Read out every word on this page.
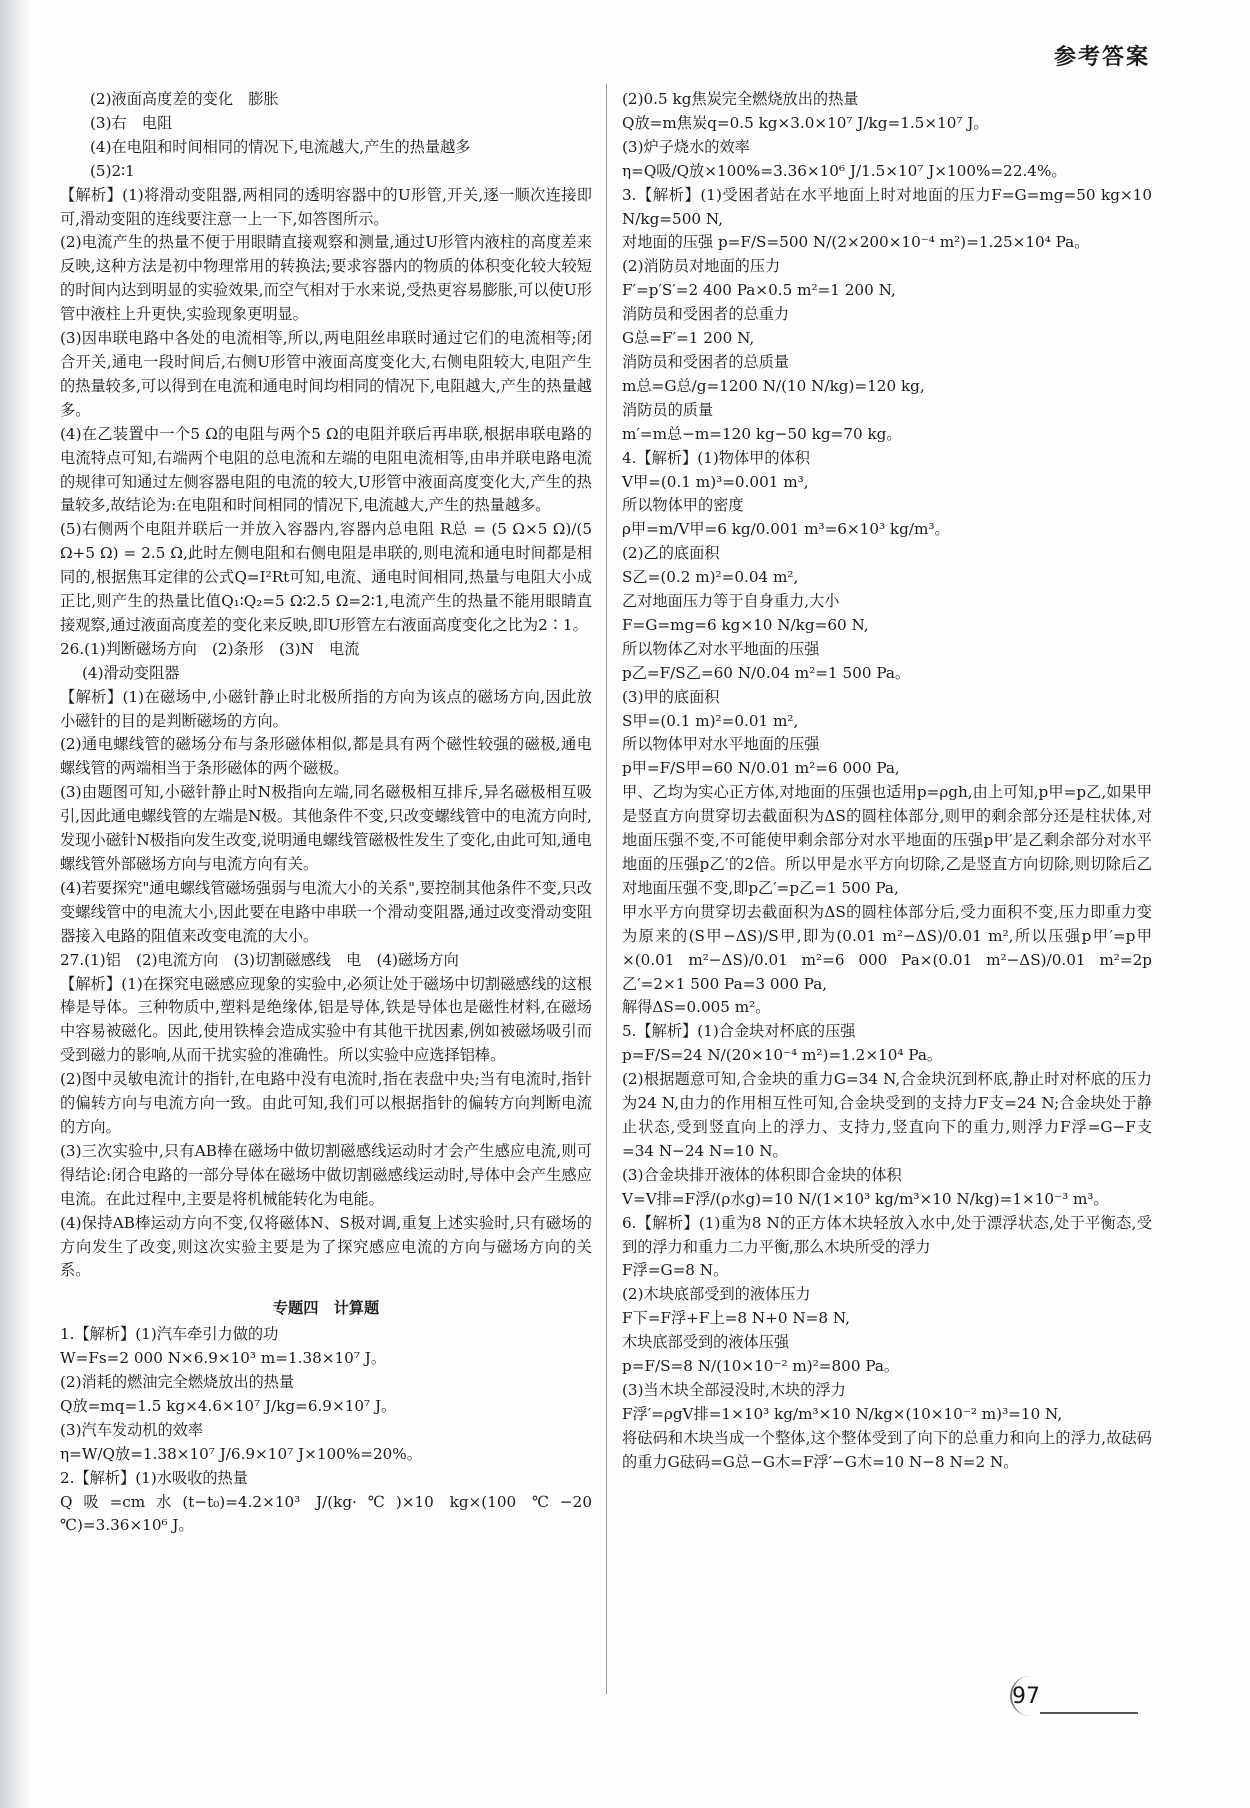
参考答案

(2)液面高度差的变化　膨胀

(3)右　电阻

(4)在电阻和时间相同的情况下,电流越大,产生的热量越多

(5)2∶1

【解析】(1)将滑动变阻器,两相同的透明容器中的U形管,开关,逐一顺次连接即可,滑动变阻的连线要注意一上一下,如答图所示。

(2)电流产生的热量不便于用眼睛直接观察和测量,通过U形管内液柱的高度差来反映,这种方法是初中物理常用的转换法;要求容器内的物质的体积变化较大较短的时间内达到明显的实验效果,而空气相对于水来说,受热更容易膨胀,可以使U形管中液柱上升更快,实验现象更明显。

(3)因串联电路中各处的电流相等,所以,两电阻丝串联时通过它们的电流相等;闭合开关,通电一段时间后,右侧U形管中液面高度变化大,右侧电阻较大,电阻产生的热量较多,可以得到在电流和通电时间均相同的情况下,电阻越大,产生的热量越多。

(4)在乙装置中一个5 Ω的电阻与两个5 Ω的电阻并联后再串联,根据串联电路的电流特点可知,右端两个电阻的总电流和左端的电阻电流相等,由串并联电路电流的规律可知通过左侧容器电阻的电流的较大,U形管中液面高度变化大,产生的热量较多,故结论为:在电阻和时间相同的情况下,电流越大,产生的热量越多。

(5)右侧两个电阻并联后一并放入容器内,容器内总电阻 R总 = (5 Ω×5 Ω)/(5 Ω+5 Ω) = 2.5 Ω,此时左侧电阻和右侧电阻是串联的,则电流和通电时间都是相同的,根据焦耳定律的公式Q=I²Rt可知,电流、通电时间相同,热量与电阻大小成正比,则产生的热量比值Q₁∶Q₂=5 Ω∶2.5 Ω=2∶1,电流产生的热量不能用眼睛直接观察,通过液面高度差的变化来反映,即U形管左右液面高度变化之比为2∶1。

26.(1)判断磁场方向　(2)条形　(3)N　电流

(4)滑动变阻器

【解析】(1)在磁场中,小磁针静止时北极所指的方向为该点的磁场方向,因此放小磁针的目的是判断磁场的方向。

(2)通电螺线管的磁场分布与条形磁体相似,都是具有两个磁性较强的磁极,通电螺线管的两端相当于条形磁体的两个磁极。

(3)由题图可知,小磁针静止时N极指向左端,同名磁极相互排斥,异名磁极相互吸引,因此通电螺线管的左端是N极。其他条件不变,只改变螺线管中的电流方向时,发现小磁针N极指向发生改变,说明通电螺线管磁极性发生了变化,由此可知,通电螺线管外部磁场方向与电流方向有关。

(4)若要探究"通电螺线管磁场强弱与电流大小的关系",要控制其他条件不变,只改变螺线管中的电流大小,因此要在电路中串联一个滑动变阻器,通过改变滑动变阻器接入电路的阻值来改变电流的大小。

27.(1)铝　(2)电流方向　(3)切割磁感线　电　(4)磁场方向

【解析】(1)在探究电磁感应现象的实验中,必须让处于磁场中切割磁感线的这根棒是导体。三种物质中,塑料是绝缘体,铝是导体,铁是导体也是磁性材料,在磁场中容易被磁化。因此,使用铁棒会造成实验中有其他干扰因素,例如被磁场吸引而受到磁力的影响,从而干扰实验的准确性。所以实验中应选择铝棒。

(2)图中灵敏电流计的指针,在电路中没有电流时,指在表盘中央;当有电流时,指针的偏转方向与电流方向一致。由此可知,我们可以根据指针的偏转方向判断电流的方向。

(3)三次实验中,只有AB棒在磁场中做切割磁感线运动时才会产生感应电流,则可得结论:闭合电路的一部分导体在磁场中做切割磁感线运动时,导体中会产生感应电流。在此过程中,主要是将机械能转化为电能。

(4)保持AB棒运动方向不变,仅将磁体N、S极对调,重复上述实验时,只有磁场的方向发生了改变,则这次实验主要是为了探究感应电流的方向与磁场方向的关系。

专题四　计算题

1.【解析】(1)汽车牵引力做的功
W=Fs=2 000 N×6.9×10³ m=1.38×10⁷ J。

(2)消耗的燃油完全燃烧放出的热量
Q放=mq=1.5 kg×4.6×10⁷ J/kg=6.9×10⁷ J。

(3)汽车发动机的效率
η=W/Q放=1.38×10⁷ J/6.9×10⁷ J×100%=20%。

2.【解析】(1)水吸收的热量
Q吸=cm水(t−t₀)=4.2×10³ J/(kg·℃)×10 kg×(100 ℃−20 ℃)=3.36×10⁶ J。

(2)0.5 kg焦炭完全燃烧放出的热量
Q放=m焦炭q=0.5 kg×3.0×10⁷ J/kg=1.5×10⁷ J。

(3)炉子烧水的效率
η=Q吸/Q放×100%=3.36×10⁶ J/1.5×10⁷ J×100%=22.4%。

3.【解析】(1)受困者站在水平地面上时对地面的压力F=G=mg=50 kg×10 N/kg=500 N,
对地面的压强 p=F/S=500 N/(2×200×10⁻⁴ m²)=1.25×10⁴ Pa。

(2)消防员对地面的压力
F′=p′S′=2 400 Pa×0.5 m²=1 200 N,
消防员和受困者的总重力
G总=F′=1 200 N,
消防员和受困者的总质量
m总=G总/g=1200 N/(10 N/kg)=120 kg,
消防员的质量
m′=m总−m=120 kg−50 kg=70 kg。

4.【解析】(1)物体甲的体积
V甲=(0.1 m)³=0.001 m³,
所以物体甲的密度
ρ甲=m/V甲=6 kg/0.001 m³=6×10³ kg/m³。

(2)乙的底面积
S乙=(0.2 m)²=0.04 m²,
乙对地面压力等于自身重力,大小
F=G=mg=6 kg×10 N/kg=60 N,
所以物体乙对水平地面的压强
p乙=F/S乙=60 N/0.04 m²=1 500 Pa。

(3)甲的底面积
S甲=(0.1 m)²=0.01 m²,
所以物体甲对水平地面的压强
p甲=F/S甲=60 N/0.01 m²=6 000 Pa,
甲、乙均为实心正方体,对地面的压强也适用p=ρgh,由上可知,p甲=p乙,如果甲是竖直方向贯穿切去截面积为ΔS的圆柱体部分,则甲的剩余部分还是柱状体,对地面压强不变,不可能使甲剩余部分对水平地面的压强p甲′是乙剩余部分对水平地面的压强p乙′的2倍。所以甲是水平方向切除,乙是竖直方向切除,则切除后乙对地面压强不变,即p乙′=p乙=1 500 Pa,
甲水平方向贯穿切去截面积为ΔS的圆柱体部分后,受力面积不变,压力即重力变为原来的(S甲−ΔS)/S甲,即为(0.01 m²−ΔS)/0.01 m²,所以压强p甲′=p甲×(0.01 m²−ΔS)/0.01 m²=6 000 Pa×(0.01 m²−ΔS)/0.01 m²=2p乙′=2×1 500 Pa=3 000 Pa,
解得ΔS=0.005 m²。

5.【解析】(1)合金块对杯底的压强
p=F/S=24 N/(20×10⁻⁴ m²)=1.2×10⁴ Pa。

(2)根据题意可知,合金块的重力G=34 N,合金块沉到杯底,静止时对杯底的压力为24 N,由力的作用相互性可知,合金块受到的支持力F支=24 N;合金块处于静止状态,受到竖直向上的浮力、支持力,竖直向下的重力,则浮力F浮=G−F支=34 N−24 N=10 N。

(3)合金块排开液体的体积即合金块的体积
V=V排=F浮/(ρ水g)=10 N/(1×10³ kg/m³×10 N/kg)=1×10⁻³ m³。

6.【解析】(1)重为8 N的正方体木块轻放入水中,处于漂浮状态,处于平衡态,受到的浮力和重力二力平衡,那么木块所受的浮力
F浮=G=8 N。

(2)木块底部受到的液体压力
F下=F浮+F上=8 N+0 N=8 N,
木块底部受到的液体压强
p=F/S=8 N/(10×10⁻² m)²=800 Pa。

(3)当木块全部浸没时,木块的浮力
F浮′=ρgV排=1×10³ kg/m³×10 N/kg×(10×10⁻² m)³=10 N,
将砝码和木块当成一个整体,这个整体受到了向下的总重力和向上的浮力,故砝码的重力G砝码=G总−G木=F浮′−G木=10 N−8 N=2 N。

97
